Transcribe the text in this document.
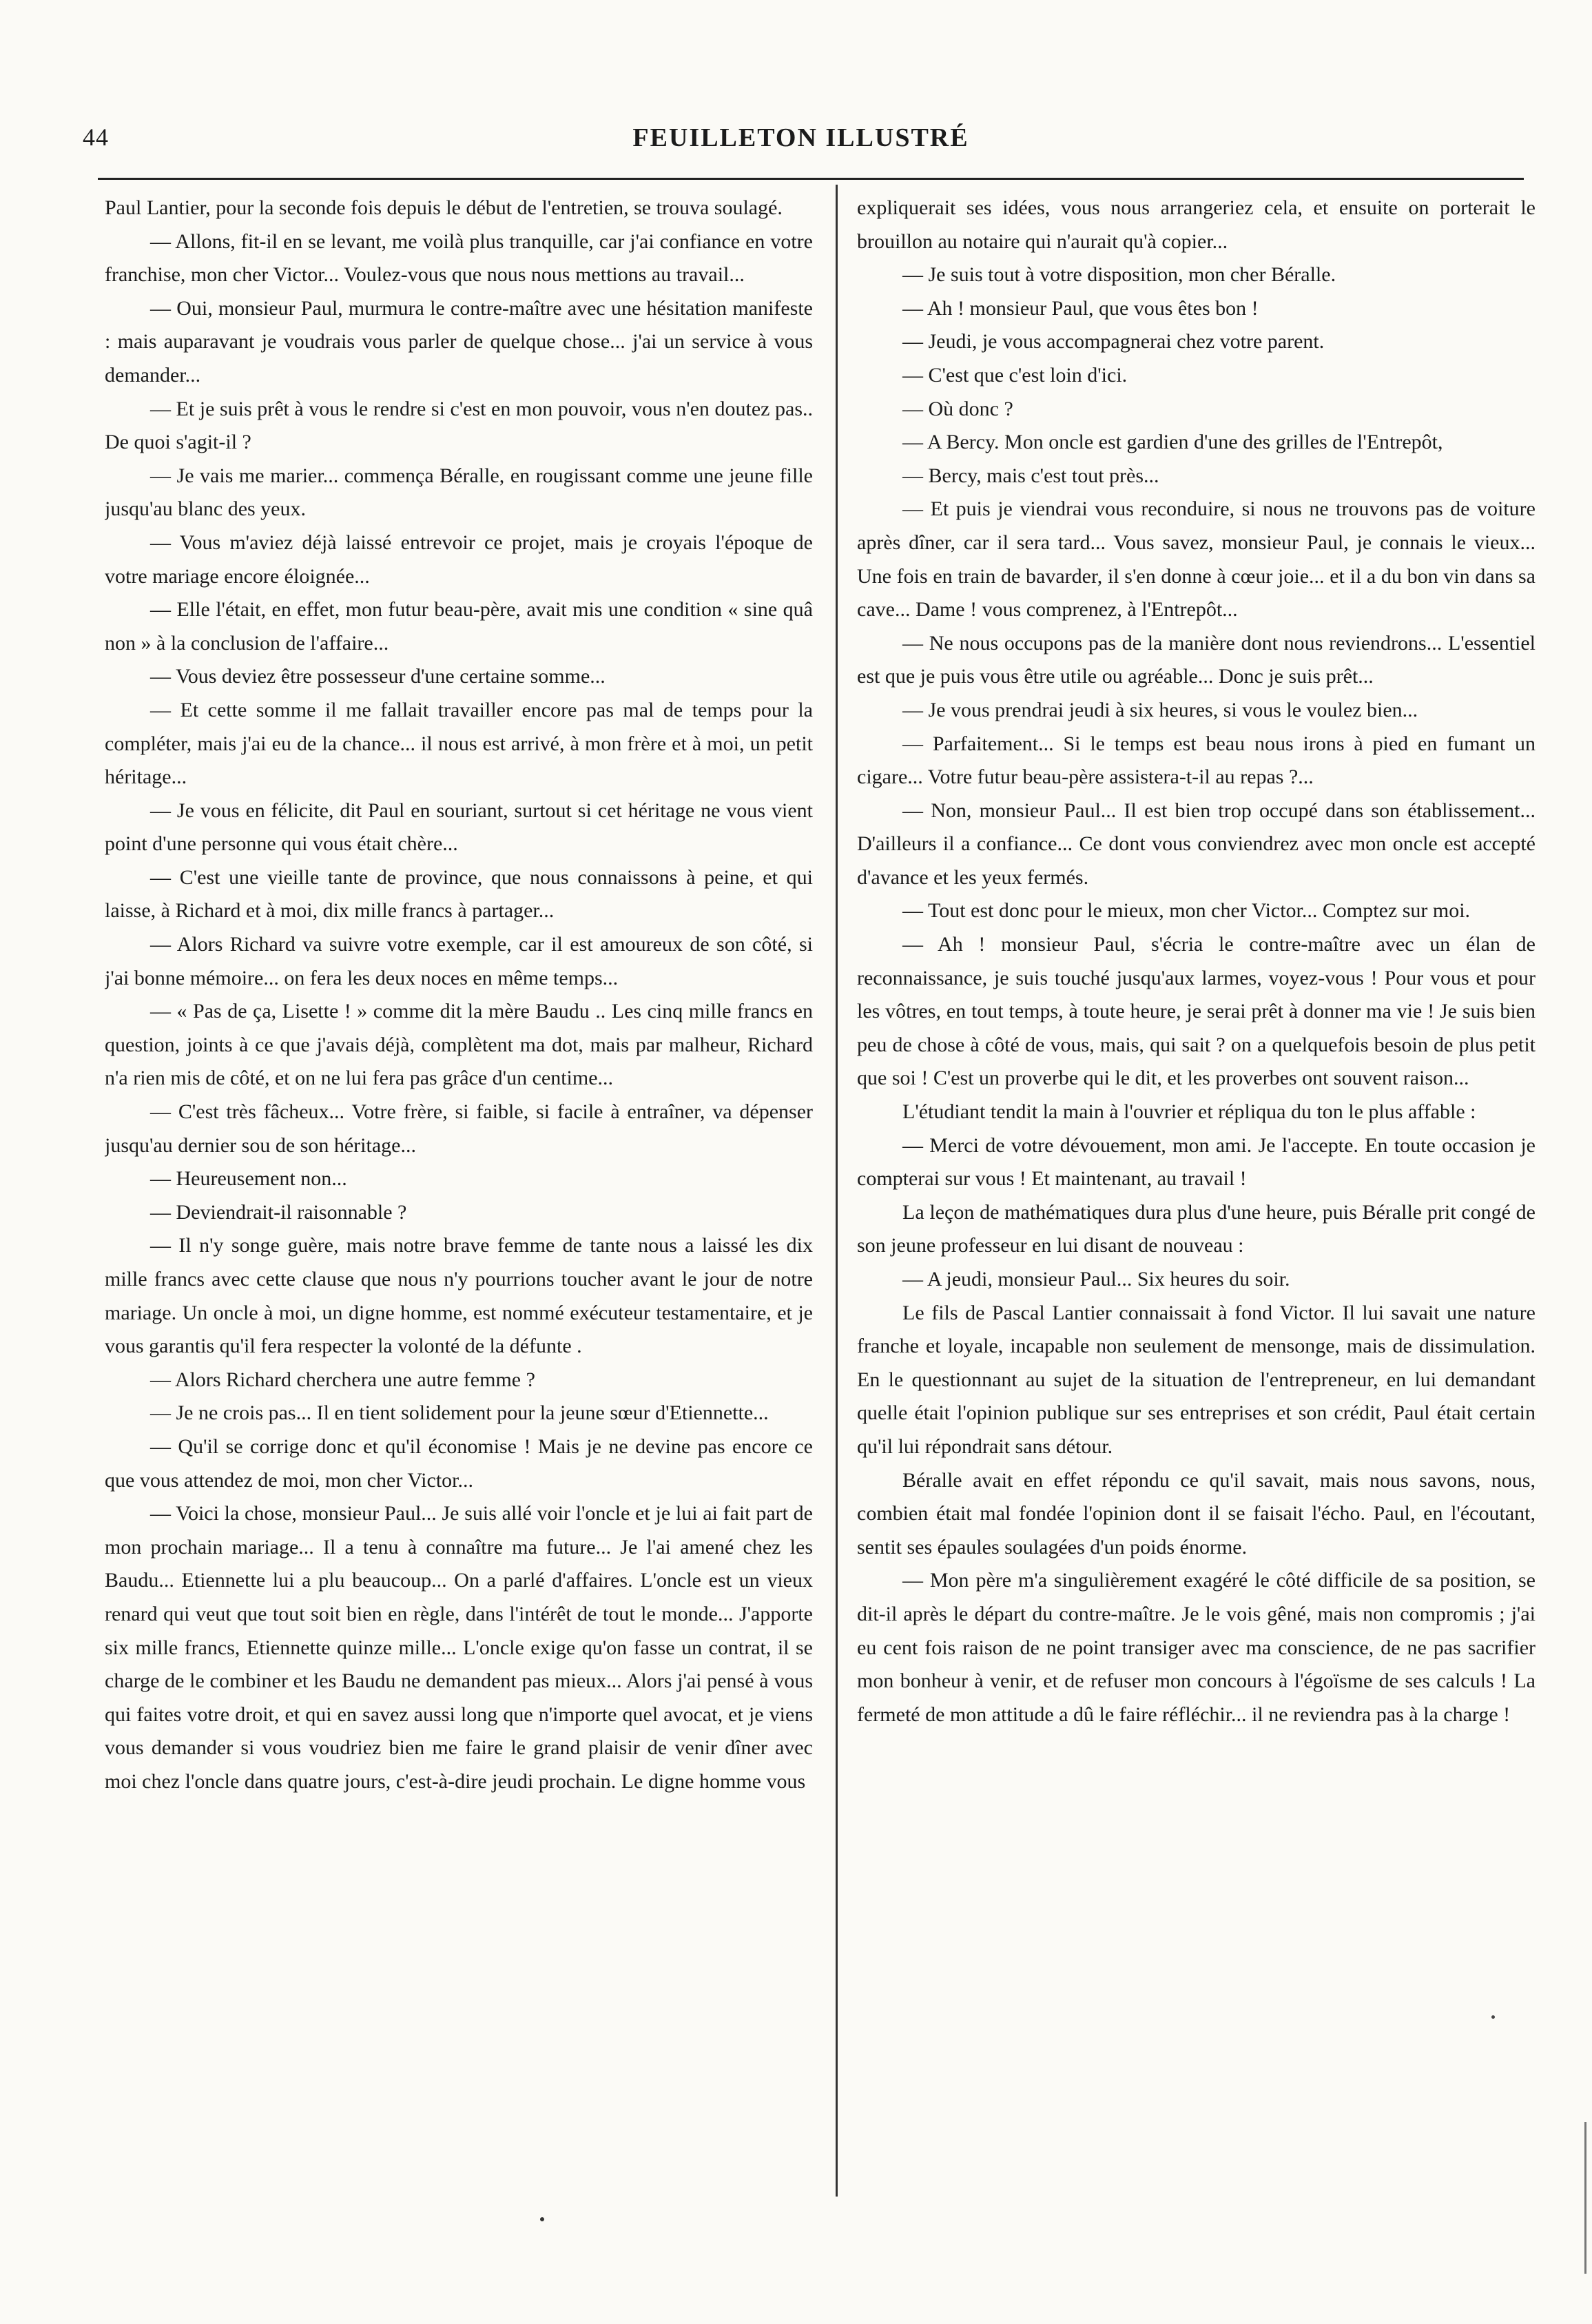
44	FEUILLETON ILLUSTRÉ

Paul Lantier, pour la seconde fois depuis le début de l'entretien, se trouva soulagé.

— Allons, fit-il en se levant, me voilà plus tranquille, car j'ai confiance en votre franchise, mon cher Victor... Voulez-vous que nous nous mettions au travail...

— Oui, monsieur Paul, murmura le contre-maître avec une hésitation manifeste : mais auparavant je voudrais vous parler de quelque chose... j'ai un service à vous demander...

— Et je suis prêt à vous le rendre si c'est en mon pouvoir, vous n'en doutez pas.. De quoi s'agit-il ?

— Je vais me marier... commença Béralle, en rougissant comme une jeune fille jusqu'au blanc des yeux.

— Vous m'aviez déjà laissé entrevoir ce projet, mais je croyais l'époque de votre mariage encore éloignée...

— Elle l'était, en effet, mon futur beau-père, avait mis une condition « sine quâ non » à la conclusion de l'affaire...

— Vous deviez être possesseur d'une certaine somme...

— Et cette somme il me fallait travailler encore pas mal de temps pour la compléter, mais j'ai eu de la chance... il nous est arrivé, à mon frère et à moi, un petit héritage...

— Je vous en félicite, dit Paul en souriant, surtout si cet héritage ne vous vient point d'une personne qui vous était chère...

— C'est une vieille tante de province, que nous connaissons à peine, et qui laisse, à Richard et à moi, dix mille francs à partager...

— Alors Richard va suivre votre exemple, car il est amoureux de son côté, si j'ai bonne mémoire... on fera les deux noces en même temps...

— « Pas de ça, Lisette ! » comme dit la mère Baudu .. Les cinq mille francs en question, joints à ce que j'avais déjà, complètent ma dot, mais par malheur, Richard n'a rien mis de côté, et on ne lui fera pas grâce d'un centime...

— C'est très fâcheux... Votre frère, si faible, si facile à entraîner, va dépenser jusqu'au dernier sou de son héritage...

— Heureusement non...

— Deviendrait-il raisonnable ?

— Il n'y songe guère, mais notre brave femme de tante nous a laissé les dix mille francs avec cette clause que nous n'y pourrions toucher avant le jour de notre mariage. Un oncle à moi, un digne homme, est nommé exécuteur testamentaire, et je vous garantis qu'il fera respecter la volonté de la défunte .

— Alors Richard cherchera une autre femme ?

— Je ne crois pas... Il en tient solidement pour la jeune sœur d'Etiennette...

— Qu'il se corrige donc et qu'il économise ! Mais je ne devine pas encore ce que vous attendez de moi, mon cher Victor...

— Voici la chose, monsieur Paul... Je suis allé voir l'oncle et je lui ai fait part de mon prochain mariage... Il a tenu à connaître ma future... Je l'ai amené chez les Baudu... Etiennette lui a plu beaucoup... On a parlé d'affaires. L'oncle est un vieux renard qui veut que tout soit bien en règle, dans l'intérêt de tout le monde... J'apporte six mille francs, Etiennette quinze mille... L'oncle exige qu'on fasse un contrat, il se charge de le combiner et les Baudu ne demandent pas mieux... Alors j'ai pensé à vous qui faites votre droit, et qui en savez aussi long que n'importe quel avocat, et je viens vous demander si vous voudriez bien me faire le grand plaisir de venir dîner avec moi chez l'oncle dans quatre jours, c'est-à-dire jeudi prochain. Le digne homme vous

expliquerait ses idées, vous nous arrangeriez cela, et ensuite on porterait le brouillon au notaire qui n'aurait qu'à copier...

— Je suis tout à votre disposition, mon cher Béralle.

— Ah ! monsieur Paul, que vous êtes bon !

— Jeudi, je vous accompagnerai chez votre parent.

— C'est que c'est loin d'ici.

— Où donc ?

— A Bercy. Mon oncle est gardien d'une des grilles de l'Entrepôt,

— Bercy, mais c'est tout près...

— Et puis je viendrai vous reconduire, si nous ne trouvons pas de voiture après dîner, car il sera tard... Vous savez, monsieur Paul, je connais le vieux... Une fois en train de bavarder, il s'en donne à cœur joie... et il a du bon vin dans sa cave... Dame ! vous comprenez, à l'Entrepôt...

— Ne nous occupons pas de la manière dont nous reviendrons... L'essentiel est que je puis vous être utile ou agréable... Donc je suis prêt...

— Je vous prendrai jeudi à six heures, si vous le voulez bien...

— Parfaitement... Si le temps est beau nous irons à pied en fumant un cigare... Votre futur beau-père assistera-t-il au repas ?...

— Non, monsieur Paul... Il est bien trop occupé dans son établissement... D'ailleurs il a confiance... Ce dont vous conviendrez avec mon oncle est accepté d'avance et les yeux fermés.

— Tout est donc pour le mieux, mon cher Victor... Comptez sur moi.

— Ah ! monsieur Paul, s'écria le contre-maître avec un élan de reconnaissance, je suis touché jusqu'aux larmes, voyez-vous ! Pour vous et pour les vôtres, en tout temps, à toute heure, je serai prêt à donner ma vie ! Je suis bien peu de chose à côté de vous, mais, qui sait ? on a quelquefois besoin de plus petit que soi ! C'est un proverbe qui le dit, et les proverbes ont souvent raison...

L'étudiant tendit la main à l'ouvrier et répliqua du ton le plus affable :

— Merci de votre dévouement, mon ami. Je l'accepte. En toute occasion je compterai sur vous ! Et maintenant, au travail !

La leçon de mathématiques dura plus d'une heure, puis Béralle prit congé de son jeune professeur en lui disant de nouveau :

— A jeudi, monsieur Paul... Six heures du soir.

Le fils de Pascal Lantier connaissait à fond Victor. Il lui savait une nature franche et loyale, incapable non seulement de mensonge, mais de dissimulation. En le questionnant au sujet de la situation de l'entrepreneur, en lui demandant quelle était l'opinion publique sur ses entreprises et son crédit, Paul était certain qu'il lui répondrait sans détour.

Béralle avait en effet répondu ce qu'il savait, mais nous savons, nous, combien était mal fondée l'opinion dont il se faisait l'écho. Paul, en l'écoutant, sentit ses épaules soulagées d'un poids énorme.

— Mon père m'a singulièrement exagéré le côté difficile de sa position, se dit-il après le départ du contre-maître. Je le vois gêné, mais non compromis ; j'ai eu cent fois raison de ne point transiger avec ma conscience, de ne pas sacrifier mon bonheur à venir, et de refuser mon concours à l'égoïsme de ses calculs ! La fermeté de mon attitude a dû le faire réfléchir... il ne reviendra pas à la charge !
